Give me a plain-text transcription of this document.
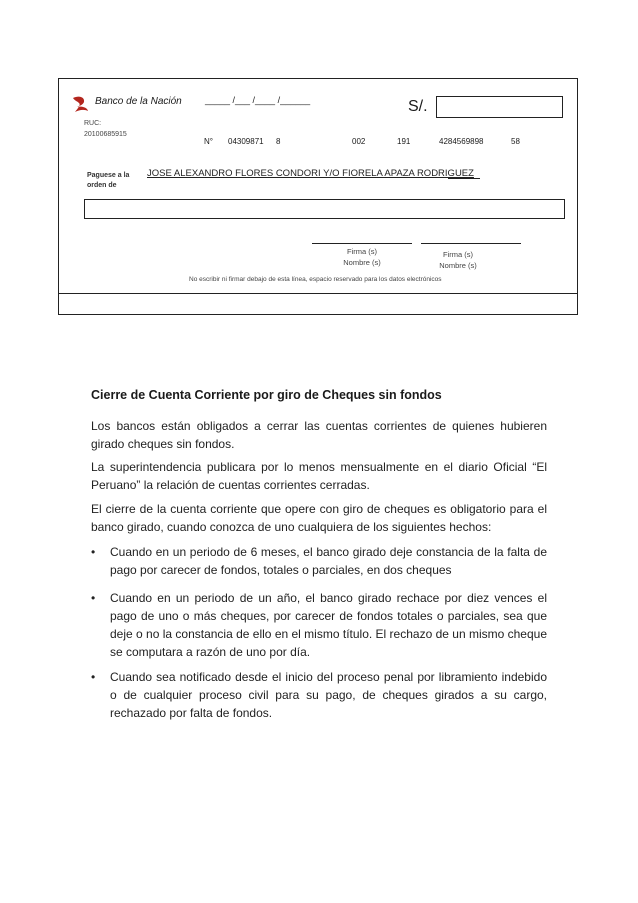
Banco de la Nación	_____ /___ /____ /______	S/.
RUC:
20100685915
N° 04309871 8	002	191	4284569898	58
Paguese a la
orden de
JOSE ALEXANDRO FLORES CONDORI Y/O FIORELA APAZA RODRIGUEZ
Firma (s)
Nombre (s)
Firma (s)
Nombre (s)
No escribir ni firmar debajo de esta línea, espacio reservado para los datos electrónicos
Cierre de Cuenta Corriente por giro de Cheques sin fondos
Los bancos están obligados a cerrar las cuentas corrientes de quienes hubieren girado cheques sin fondos.
La superintendencia publicara por lo menos mensualmente en el diario Oficial “El Peruano” la relación de cuentas corrientes cerradas.
El cierre de la cuenta corriente que opere con giro de cheques es obligatorio para el banco girado, cuando conozca de uno cualquiera de los siguientes hechos:
• Cuando en un periodo de 6 meses, el banco girado deje constancia de la falta de pago por carecer de fondos, totales o parciales, en dos cheques
• Cuando en un periodo de un año, el banco girado rechace por diez vences el pago de uno o más cheques, por carecer de fondos totales o parciales, sea que deje o no la constancia de ello en el mismo título. El rechazo de un mismo cheque se computara a razón de uno por día.
• Cuando sea notificado desde el inicio del proceso penal por libramiento indebido o de cualquier proceso civil para su pago, de cheques girados a su cargo, rechazado por falta de fondos.
